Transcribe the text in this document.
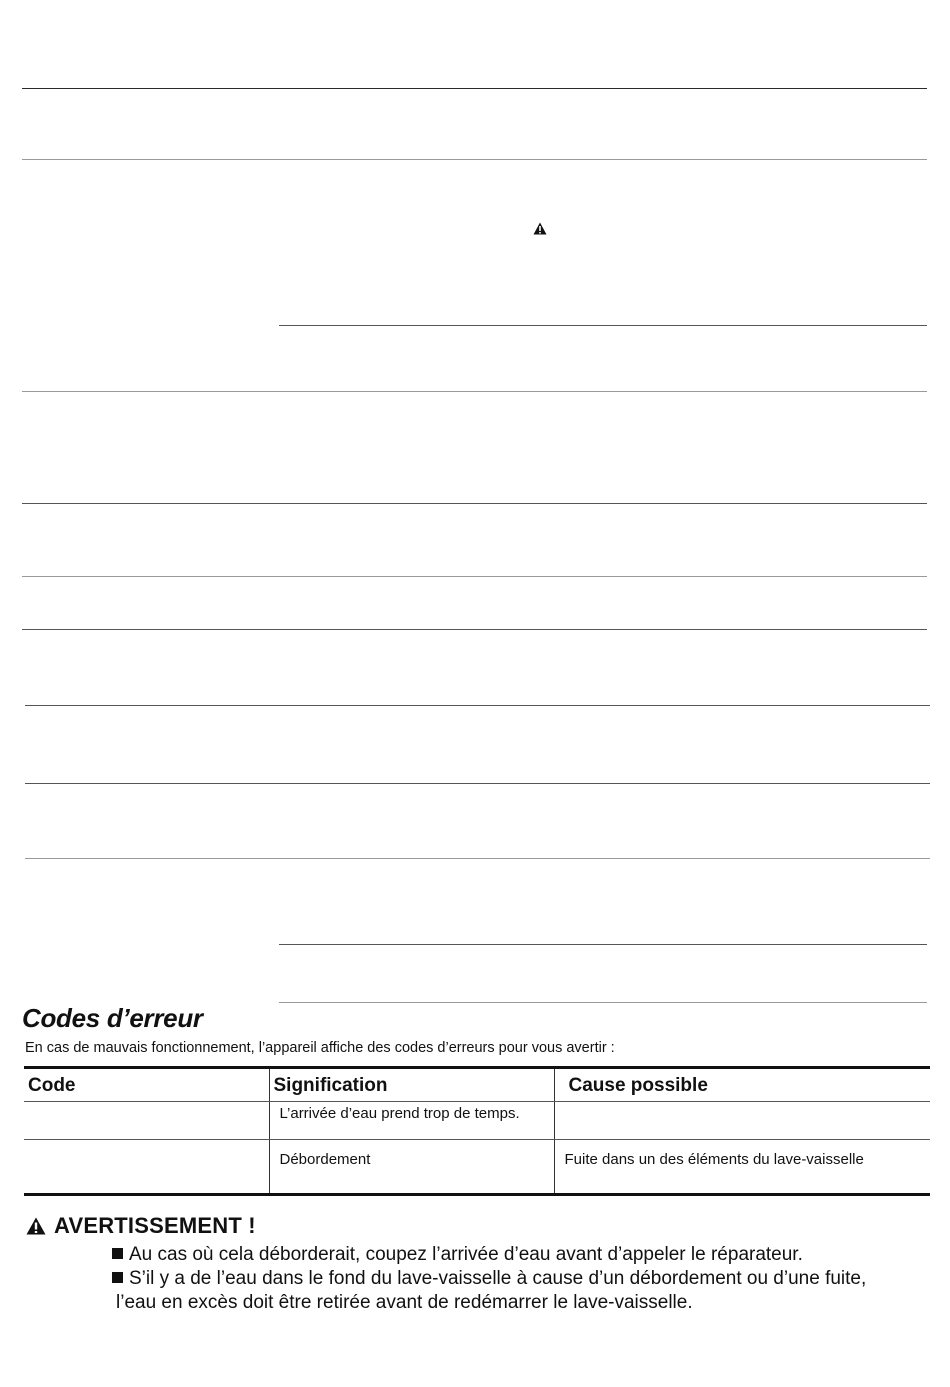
Codes d’erreur
En cas de mauvais fonctionnement, l’appareil affiche des codes d’erreurs pour vous avertir :
Code	Signification	Cause possible
	L’arrivée d’eau prend trop de temps.	
	Débordement	Fuite dans un des éléments du lave-vaisselle
AVERTISSEMENT !
Au cas où cela déborderait, coupez l’arrivée d’eau avant d’appeler le réparateur.
S’il y a de l’eau dans le fond du lave-vaisselle à cause d’un débordement ou d’une fuite,
l’eau en excès doit être retirée avant de redémarrer le lave-vaisselle.
